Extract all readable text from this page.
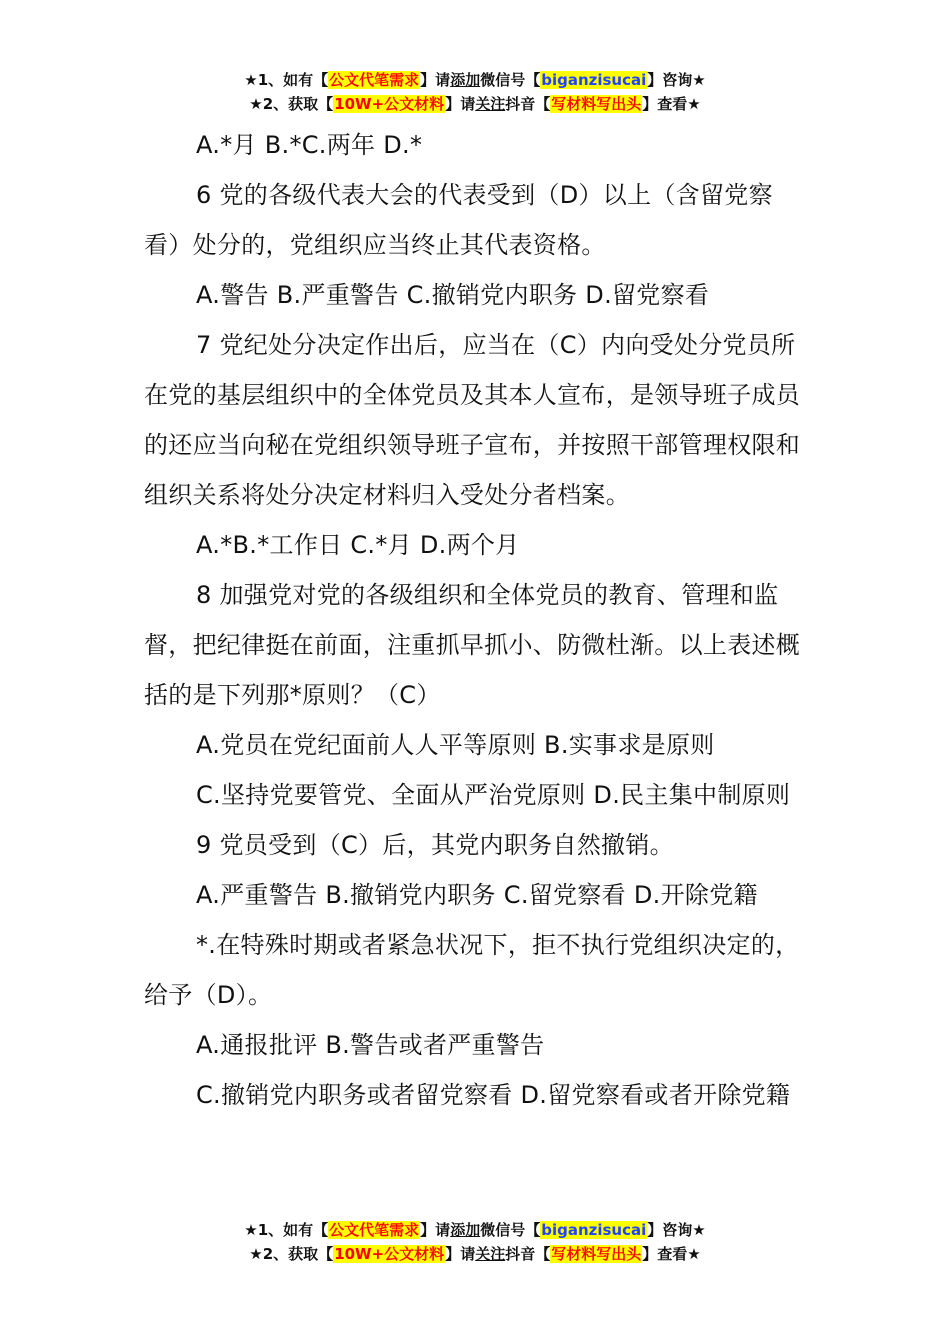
★1、如有【公文代笔需求】请添加微信号【biganzisucai】咨询★
★2、获取【10W+公文材料】请关注抖音【写材料写出头】查看★

A.*月 B.*C.两年 D.*

6 党的各级代表大会的代表受到（D）以上（含留党察看）处分的，党组织应当终止其代表资格。

A.警告 B.严重警告 C.撤销党内职务 D.留党察看

7 党纪处分决定作出后，应当在（C）内向受处分党员所在党的基层组织中的全体党员及其本人宣布，是领导班子成员的还应当向秘在党组织领导班子宣布，并按照干部管理权限和组织关系将处分决定材料归入受处分者档案。

A.*B.*工作日 C.*月 D.两个月

8 加强党对党的各级组织和全体党员的教育、管理和监督，把纪律挺在前面，注重抓早抓小、防微杜渐。以上表述概括的是下列那*原则？（C）

A.党员在党纪面前人人平等原则 B.实事求是原则

C.坚持党要管党、全面从严治党原则 D.民主集中制原则

9 党员受到（C）后，其党内职务自然撤销。

A.严重警告 B.撤销党内职务 C.留党察看 D.开除党籍

*.在特殊时期或者紧急状况下，拒不执行党组织决定的，给予（D）。

A.通报批评 B.警告或者严重警告

C.撤销党内职务或者留党察看 D.留党察看或者开除党籍

★1、如有【公文代笔需求】请添加微信号【biganzisucai】咨询★
★2、获取【10W+公文材料】请关注抖音【写材料写出头】查看★
